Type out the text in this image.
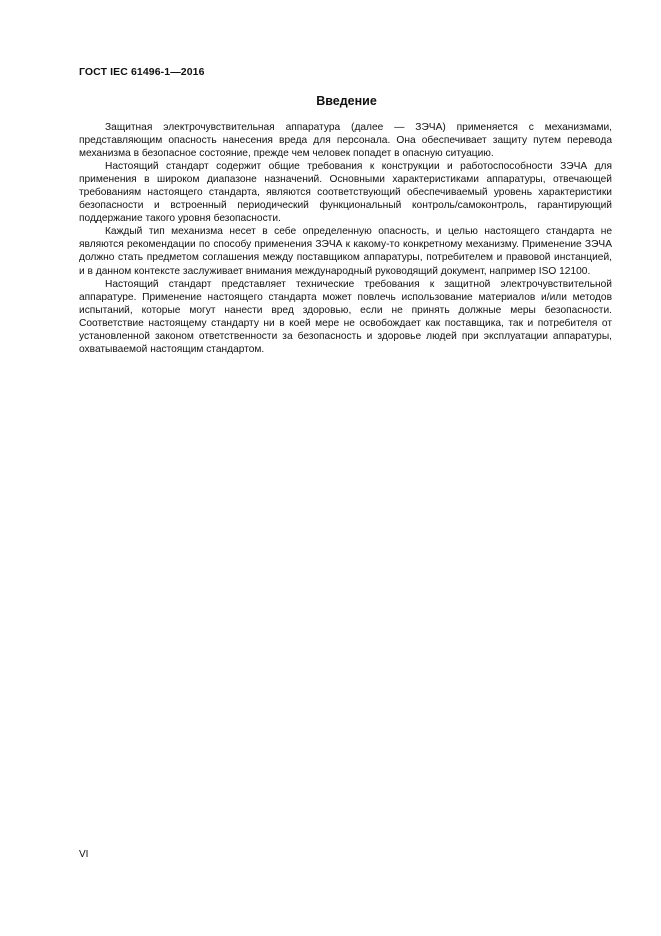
ГОСТ IEC 61496-1—2016
Введение

Защитная электрочувствительная аппаратура (далее — ЗЭЧА) применяется с механизмами, представляющим опасность нанесения вреда для персонала. Она обеспечивает защиту путем перевода механизма в безопасное состояние, прежде чем человек попадет в опасную ситуацию.

Настоящий стандарт содержит общие требования к конструкции и работоспособности ЗЭЧА для применения в широком диапазоне назначений. Основными характеристиками аппаратуры, отвечающей требованиям настоящего стандарта, являются соответствующий обеспечиваемый уровень характеристики безопасности и встроенный периодический функциональный контроль/самоконтроль, гарантирующий поддержание такого уровня безопасности.

Каждый тип механизма несет в себе определенную опасность, и целью настоящего стандарта не являются рекомендации по способу применения ЗЭЧА к какому-то конкретному механизму. Применение ЗЭЧА должно стать предметом соглашения между поставщиком аппаратуры, потребителем и правовой инстанцией, и в данном контексте заслуживает внимания международный руководящий документ, например ISO 12100.

Настоящий стандарт представляет технические требования к защитной электрочувствительной аппаратуре. Применение настоящего стандарта может повлечь использование материалов и/или методов испытаний, которые могут нанести вред здоровью, если не принять должные меры безопасности. Соответствие настоящему стандарту ни в коей мере не освобождает как поставщика, так и потребителя от установленной законом ответственности за безопасность и здоровье людей при эксплуатации аппаратуры, охватываемой настоящим стандартом.

VI
